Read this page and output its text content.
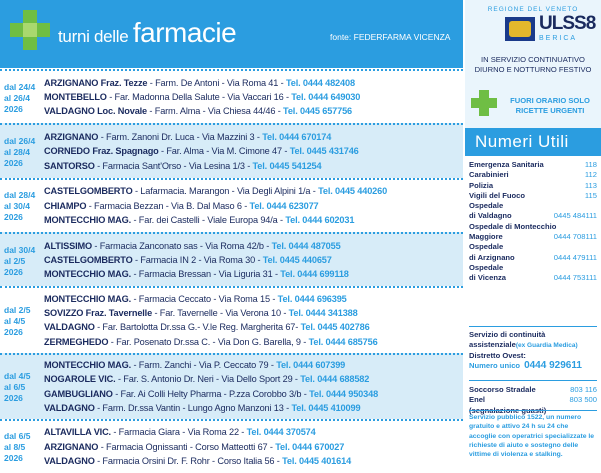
turni delle farmacie	fonte: FEDERFARMA VICENZA
dal 24/4
al 26/4
2026
ARZIGNANO Fraz. Tezze - Farm. De Antoni - Via Roma 41 - Tel. 0444 482408
MONTEBELLO - Far. Madonna Della Salute - Via Vaccari 16 - Tel. 0444 649030
VALDAGNO Loc. Novale - Farm. Alma - Via Chiesa 44/46 - Tel. 0445 657756
dal 26/4
al 28/4
2026
ARZIGNANO - Farm. Zanoni Dr. Luca - Via Mazzini 3 - Tel. 0444 670174
CORNEDO Fraz. Spagnago - Far. Alma - Via M. Cimone 47 - Tel. 0445 431746
SANTORSO - Farmacia Sant'Orso - Via Lesina 1/3 - Tel. 0445 541254
dal 28/4
al 30/4
2026
CASTELGOMBERTO - Lafarmacia. Marangon - Via Degli Alpini 1/a - Tel. 0445 440260
CHIAMPO - Farmacia Bezzan - Via B. Dal Maso 6 - Tel. 0444 623077
MONTECCHIO MAG. - Far. dei Castelli - Viale Europa 94/a - Tel. 0444 602031
dal 30/4
al 2/5
2026
ALTISSIMO - Farmacia Zanconato sas - Via Roma 42/b - Tel. 0444 487055
CASTELGOMBERTO - Farmacia IN 2 - Via Roma 30 - Tel. 0445 440657
MONTECCHIO MAG. - Farmacia Bressan - Via Liguria 31 - Tel. 0444 699118
dal 2/5
al 4/5
2026
MONTECCHIO MAG. - Farmacia Ceccato - Via Roma 15 - Tel. 0444 696395
SOVIZZO Fraz. Tavernelle - Far. Tavernelle - Via Verona 10 - Tel. 0444 341388
VALDAGNO - Far. Bartolotta Dr.ssa G.- V.le Reg. Margherita 67- Tel. 0445 402786
ZERMEGHEDO - Far. Posenato Dr.ssa C. - Via Don G. Barella, 9 - Tel. 0444 685756
dal 4/5
al 6/5
2026
MONTECCHIO MAG. - Farm. Zanchi - Via P. Ceccato 79 - Tel. 0444 607399
NOGAROLE VIC. - Far. S. Antonio Dr. Neri - Via Dello Sport 29 - Tel. 0444 688582
GAMBUGLIANO - Far. Ai Colli Helty Pharma - P.zza Corobbo 3/b - Tel. 0444 950348
VALDAGNO - Farm. Dr.ssa Vantin - Lungo Agno Manzoni 13 - Tel. 0445 410099
dal 6/5
al 8/5
2026
ALTAVILLA VIC. - Farmacia Giara - Via Roma 22 - Tel. 0444 370574
ARZIGNANO - Farmacia Ognissanti - Corso Matteotti 67 - Tel. 0444 670027
VALDAGNO - Farmacia Orsini Dr. F. Rohr - Corso Italia 56 - Tel. 0445 401614
REGIONE DEL VENETO
ULSS8
BERICA
IN SERVIZIO CONTINUATIVO
DIURNO E NOTTURNO FESTIVO
FUORI ORARIO SOLO
RICETTE URGENTI
Numeri Utili
Emergenza Sanitaria	118
Carabinieri	112
Polizia	113
Vigili del Fuoco	115
Ospedale
di Valdagno	0445 484111
Ospedale di Montecchio
Maggiore	0444 708111
Ospedale
di Arzignano	0444 479111
Ospedale
di Vicenza	0444 753111
Servizio di continuità
assistenziale(ex Guardia Medica)
Distretto Ovest:
Numero unico 0444 929611
Soccorso Stradale	803 116
Enel	803 500
(segnalazione guasti)
Servizio pubblico 1522, un numero gratuito e attivo 24 h su 24 che accoglie con operatrici specializzate le richieste di aiuto e sostegno delle vittime di violenza e stalking.
